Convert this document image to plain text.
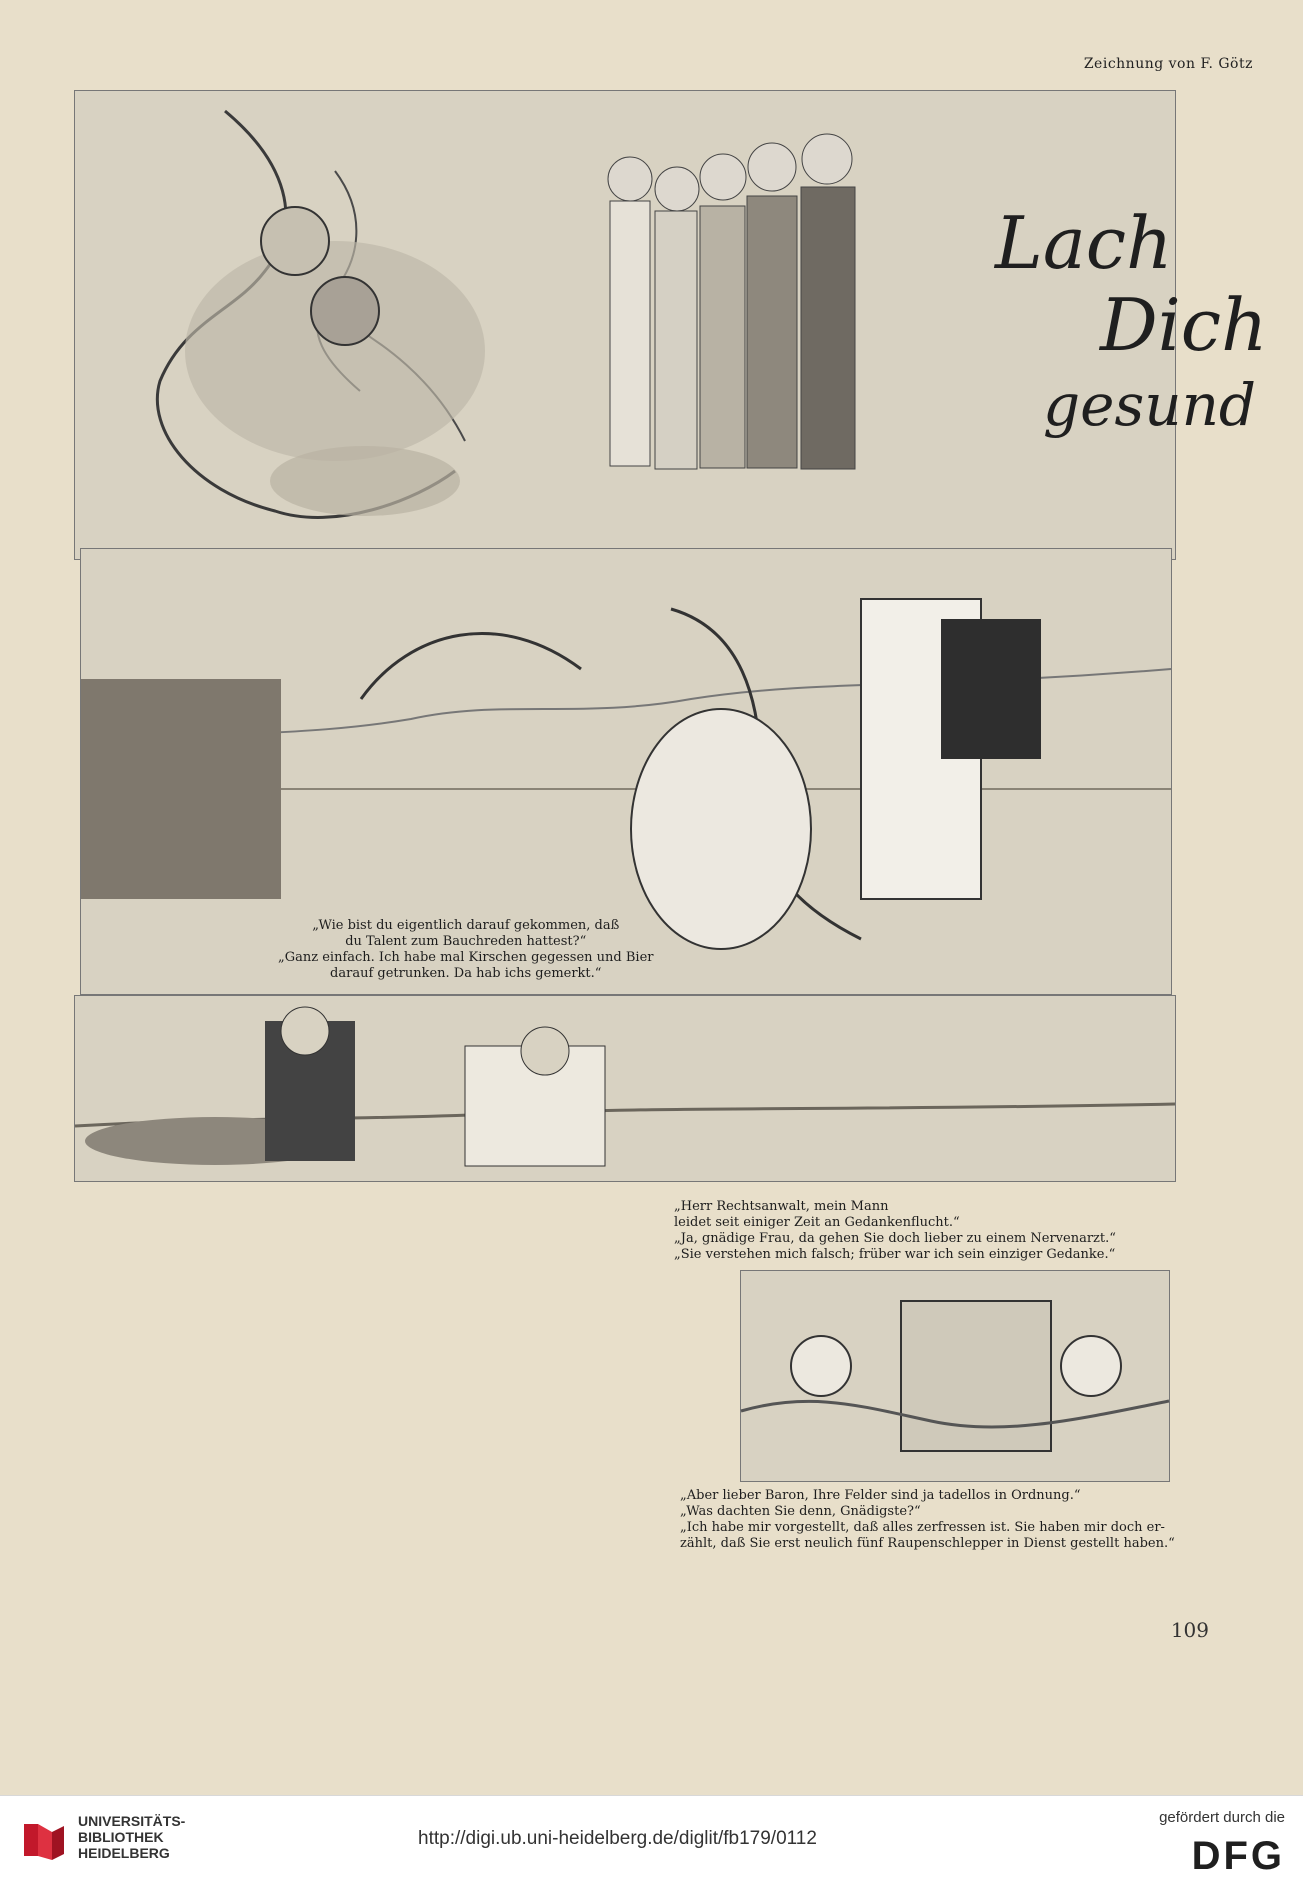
Zeichnung von F. Götz
Lach
Dich
gesund
„Wie bist du eigentlich darauf gekommen, daß
du Talent zum Bauchreden hattest?“
„Ganz einfach. Ich habe mal Kirschen gegessen und Bier
darauf getrunken. Da hab ichs gemerkt.“
„Herr Rechtsanwalt, mein Mann
leidet seit einiger Zeit an Gedankenflucht.“
„Ja, gnädige Frau, da gehen Sie doch lieber zu einem Nervenarzt.“
„Sie verstehen mich falsch; früber war ich sein einziger Gedanke.“
„Aber lieber Baron, Ihre Felder sind ja tadellos in Ordnung.“
„Was dachten Sie denn, Gnädigste?“
„Ich habe mir vorgestellt, daß alles zerfressen ist. Sie haben mir doch er-
zählt, daß Sie erst neulich fünf Raupenschlepper in Dienst gestellt haben.“
109
UNIVERSITÄTS-
BIBLIOTHEK
HEIDELBERG
http://digi.ub.uni-heidelberg.de/diglit/fb179/0112
gefördert durch die
DFG
